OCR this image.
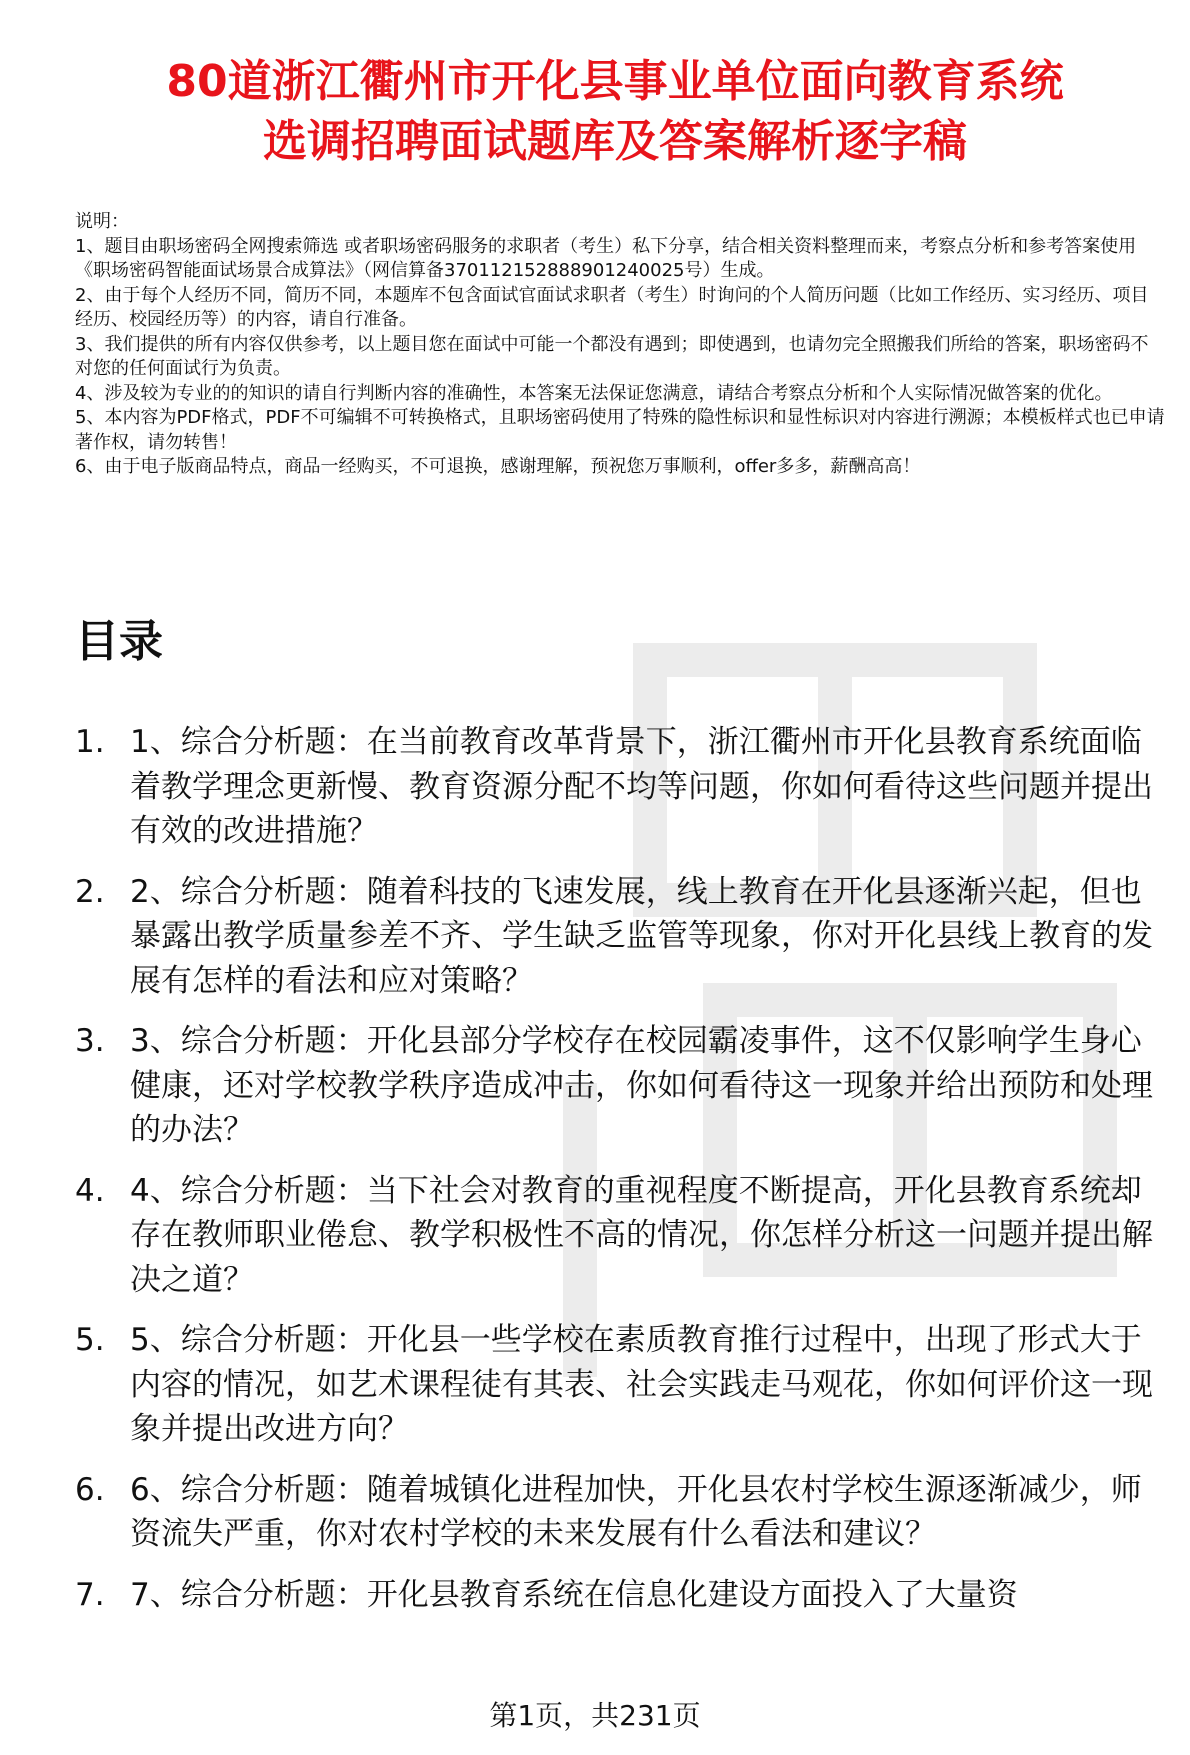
80道浙江衢州市开化县事业单位面向教育系统
选调招聘面试题库及答案解析逐字稿

说明：

1、题目由职场密码全网搜索筛选 或者职场密码服务的求职者（考生）私下分享，结合相关资料整理而来，考察点分析和参考答案使用《职场密码智能面试场景合成算法》（网信算备370112152888901240025号）生成。

2、由于每个人经历不同，简历不同，本题库不包含面试官面试求职者（考生）时询问的个人简历问题（比如工作经历、实习经历、项目经历、校园经历等）的内容，请自行准备。

3、我们提供的所有内容仅供参考，以上题目您在面试中可能一个都没有遇到；即使遇到，也请勿完全照搬我们所给的答案，职场密码不对您的任何面试行为负责。

4、涉及较为专业的的知识的请自行判断内容的准确性，本答案无法保证您满意，请结合考察点分析和个人实际情况做答案的优化。

5、本内容为PDF格式，PDF不可编辑不可转换格式，且职场密码使用了特殊的隐性标识和显性标识对内容进行溯源；本模板样式也已申请著作权，请勿转售！

6、由于电子版商品特点，商品一经购买，不可退换，感谢理解，预祝您万事顺利，offer多多，薪酬高高！

目录
1. 1、综合分析题：在当前教育改革背景下，浙江衢州市开化县教育系统面临着教学理念更新慢、教育资源分配不均等问题，你如何看待这些问题并提出有效的改进措施？
2. 2、综合分析题：随着科技的飞速发展，线上教育在开化县逐渐兴起，但也暴露出教学质量参差不齐、学生缺乏监管等现象，你对开化县线上教育的发展有怎样的看法和应对策略？
3. 3、综合分析题：开化县部分学校存在校园霸凌事件，这不仅影响学生身心健康，还对学校教学秩序造成冲击，你如何看待这一现象并给出预防和处理的办法？
4. 4、综合分析题：当下社会对教育的重视程度不断提高，开化县教育系统却存在教师职业倦怠、教学积极性不高的情况，你怎样分析这一问题并提出解决之道？
5. 5、综合分析题：开化县一些学校在素质教育推行过程中，出现了形式大于内容的情况，如艺术课程徒有其表、社会实践走马观花，你如何评价这一现象并提出改进方向？
6. 6、综合分析题：随着城镇化进程加快，开化县农村学校生源逐渐减少，师资流失严重，你对农村学校的未来发展有什么看法和建议？
7. 7、综合分析题：开化县教育系统在信息化建设方面投入了大量资
第1页，共231页
